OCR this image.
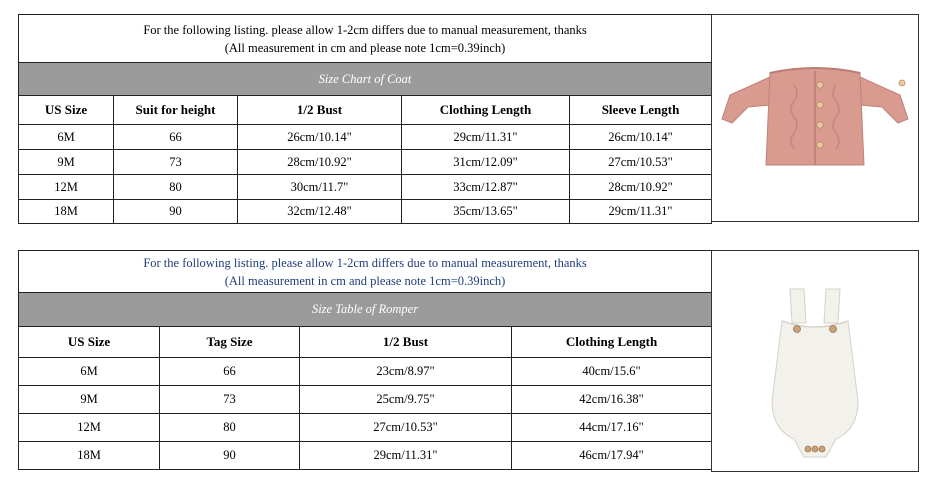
For the following listing. please allow 1-2cm differs due to manual measurement, thanks
(All measurement in cm and please note 1cm=0.39inch)				

Size Chart of Coat				
US Size	Suit for height	1/2 Bust	Clothing Length	Sleeve Length
6M	66	26cm/10.14"	29cm/11.31"	26cm/10.14"
9M	73	28cm/10.92"	31cm/12.09"	27cm/10.53"
12M	80	30cm/11.7"	33cm/12.87"	28cm/10.92"
18M	90	32cm/12.48"	35cm/13.65"	29cm/11.31"
For the following listing. please allow 1-2cm differs due to manual measurement, thanks
(All measurement in cm and please note 1cm=0.39inch)			

Size Table of Romper			
US Size	Tag Size	1/2 Bust	Clothing Length
6M	66	23cm/8.97"	40cm/15.6"
9M	73	25cm/9.75"	42cm/16.38"
12M	80	27cm/10.53"	44cm/17.16"
18M	90	29cm/11.31"	46cm/17.94"
